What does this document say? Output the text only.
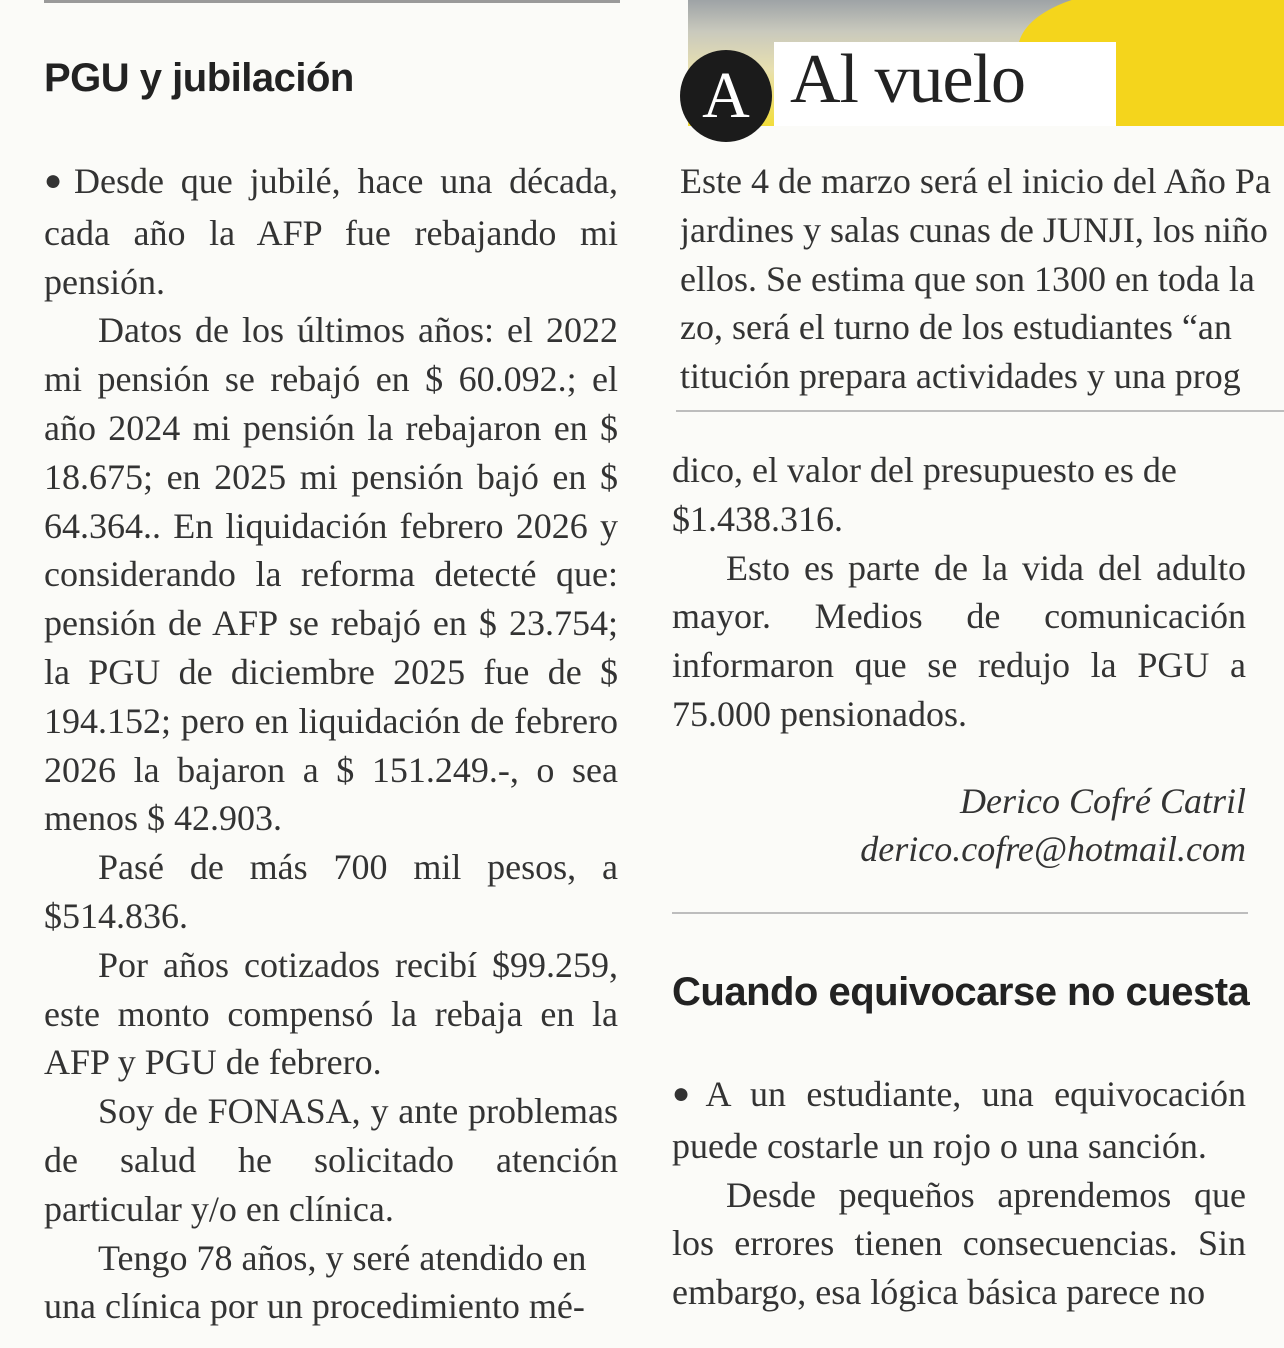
PGU y jubilación

● Desde que jubilé, hace una década, cada año la AFP fue rebajando mi pensión.

Datos de los últimos años: el 2022 mi pensión se rebajó en $ 60.092.; el año 2024 mi pensión la rebajaron en $ 18.675; en 2025 mi pensión bajó en $ 64.364.. En liquidación febrero 2026 y considerando la reforma detecté que: pensión de AFP se rebajó en $ 23.754; la PGU de diciembre 2025 fue de $ 194.152; pero en liquidación de febrero 2026 la bajaron a $ 151.249.-, o sea menos $ 42.903.

Pasé de más 700 mil pesos, a $514.836.

Por años cotizados recibí $99.259, este monto compensó la rebaja en la AFP y PGU de febrero.

Soy de FONASA, y ante problemas de salud he solicitado atención particular y/o en clínica.

Tengo 78 años, y seré atendido en una clínica por un procedimiento mé-

A Al vuelo
Este 4 de marzo será el inicio del Año Pa
jardines y salas cunas de JUNJI, los niño
ellos. Se estima que son 1300 en toda la
zo, será el turno de los estudiantes “an
titución prepara actividades y una prog

dico, el valor del presupuesto es de $1.438.316.

Esto es parte de la vida del adulto mayor. Medios de comunicación informaron que se redujo la PGU a 75.000 pensionados.

Derico Cofré Catril
derico.cofre@hotmail.com
Cuando equivocarse no cuesta

● A un estudiante, una equivocación puede costarle un rojo o una sanción.

Desde pequeños aprendemos que los errores tienen consecuencias. Sin embargo, esa lógica básica parece no
